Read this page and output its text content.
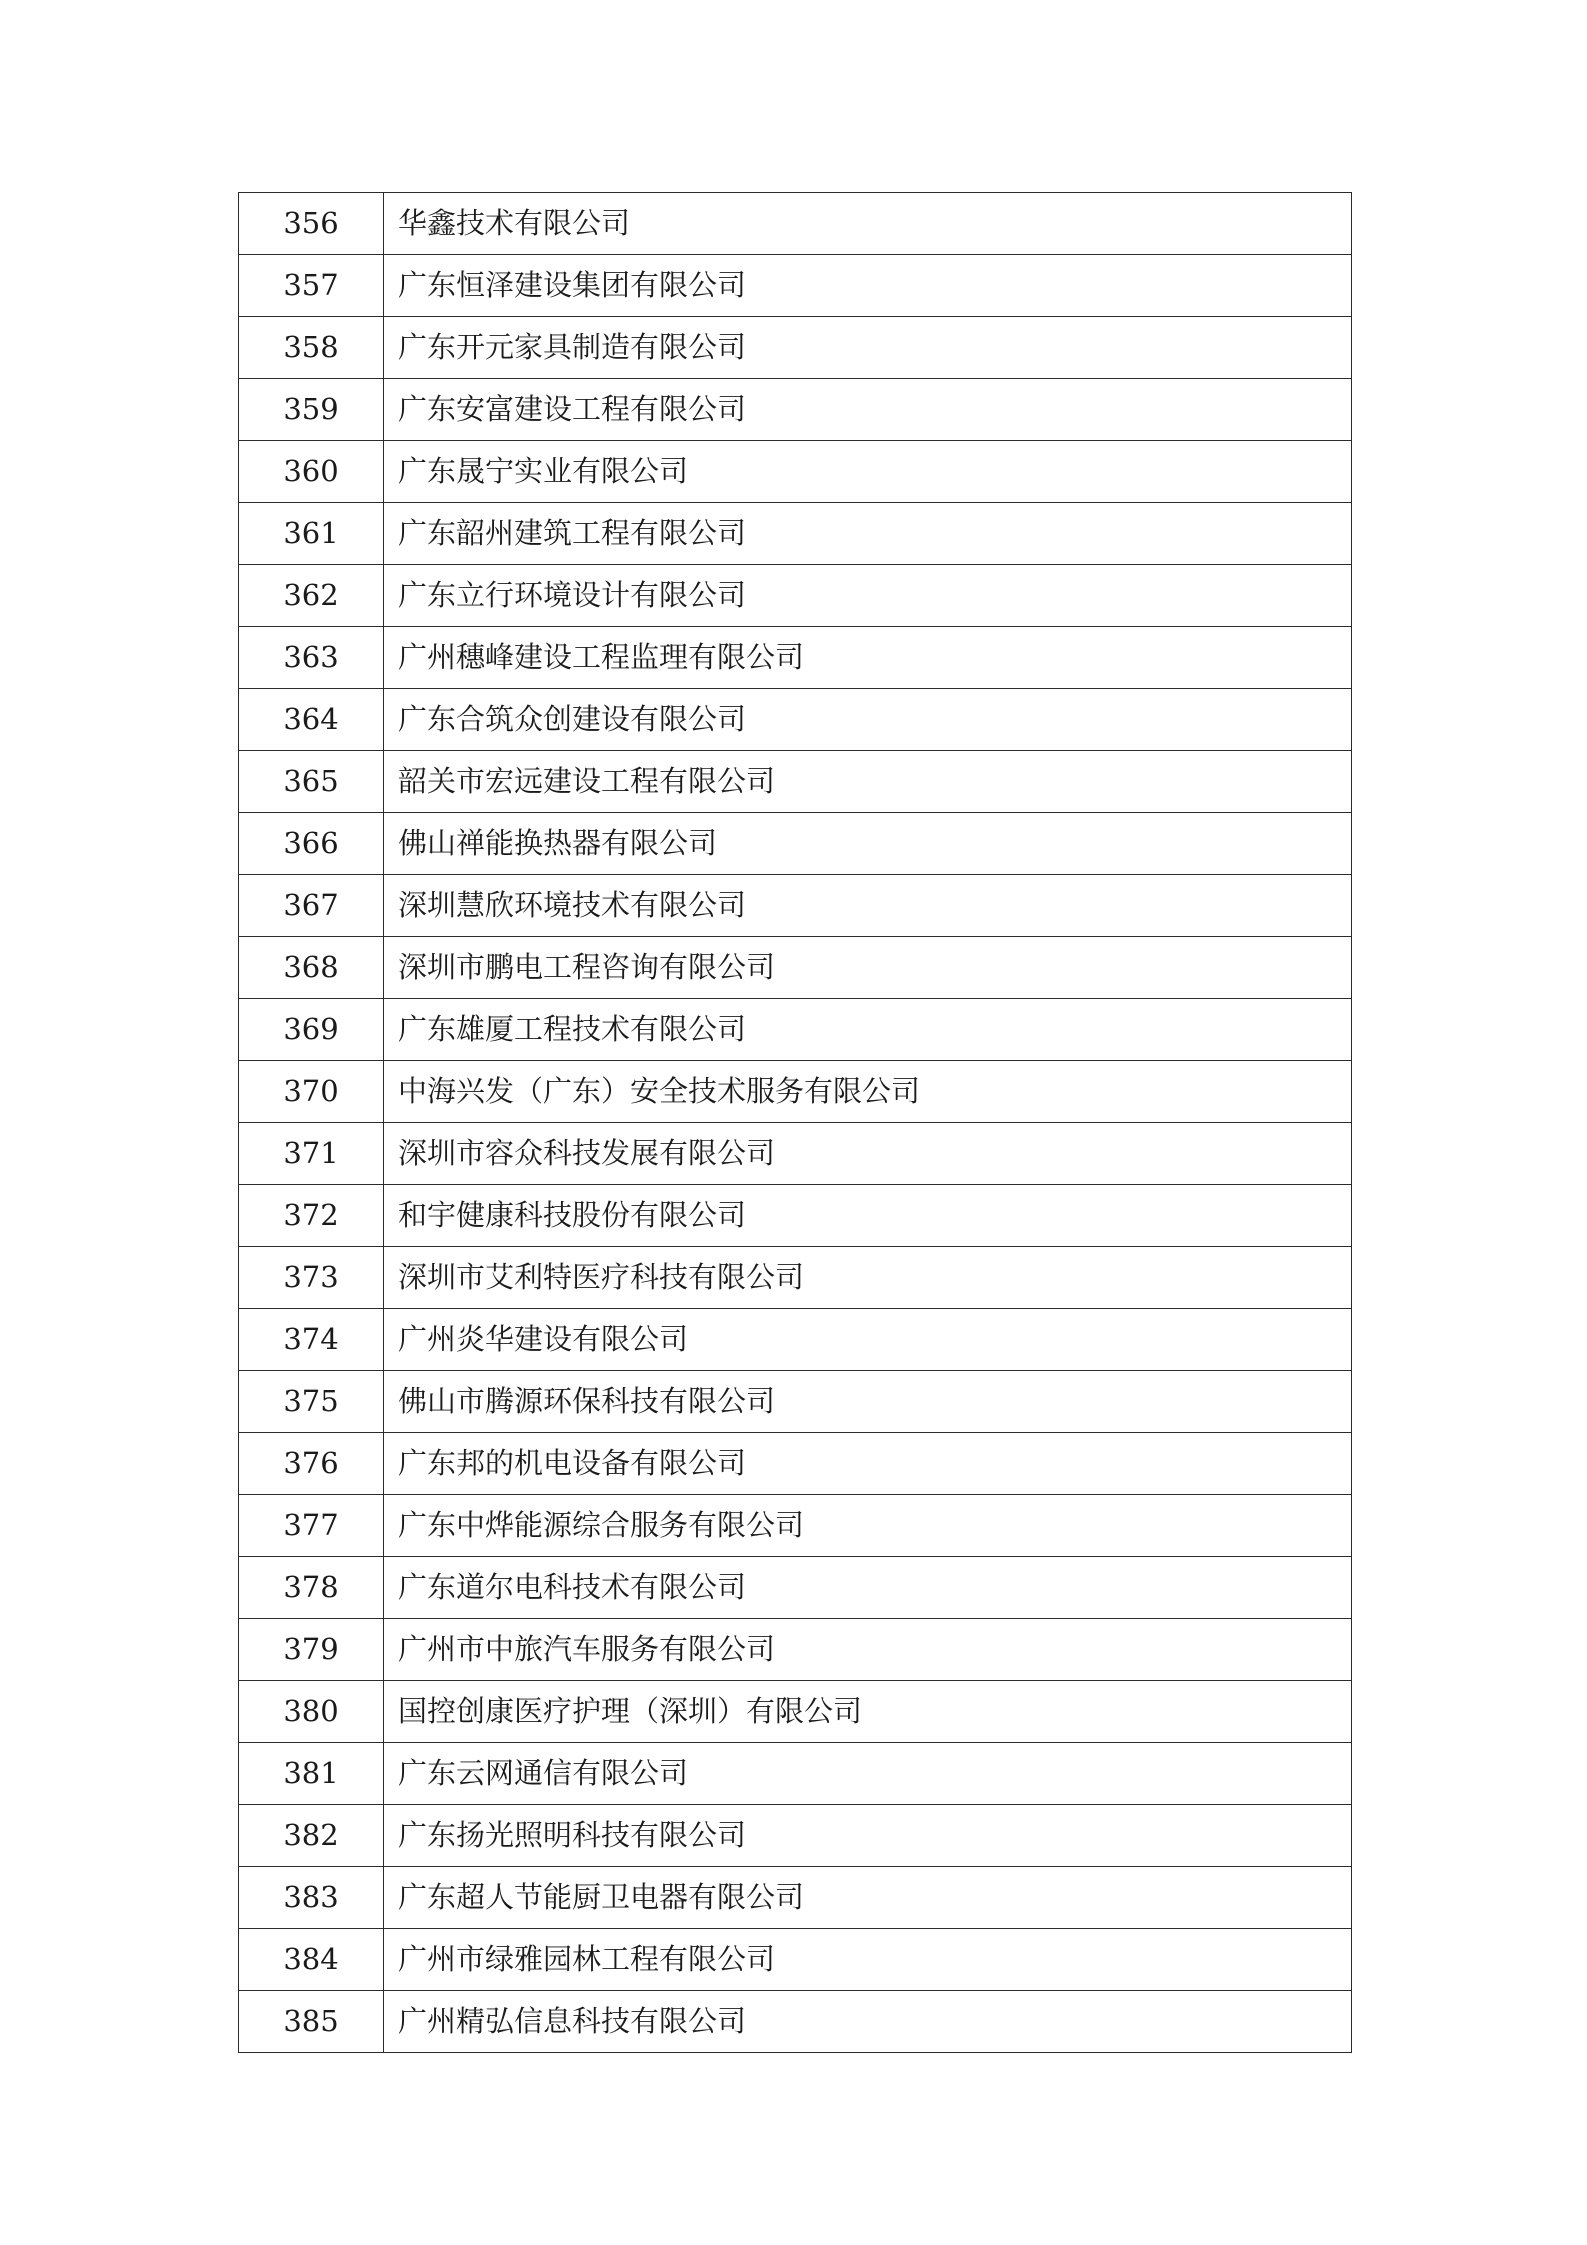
356	华鑫技术有限公司
357	广东恒泽建设集团有限公司
358	广东开元家具制造有限公司
359	广东安富建设工程有限公司
360	广东晟宁实业有限公司
361	广东韶州建筑工程有限公司
362	广东立行环境设计有限公司
363	广州穗峰建设工程监理有限公司
364	广东合筑众创建设有限公司
365	韶关市宏远建设工程有限公司
366	佛山禅能换热器有限公司
367	深圳慧欣环境技术有限公司
368	深圳市鹏电工程咨询有限公司
369	广东雄厦工程技术有限公司
370	中海兴发（广东）安全技术服务有限公司
371	深圳市容众科技发展有限公司
372	和宇健康科技股份有限公司
373	深圳市艾利特医疗科技有限公司
374	广州炎华建设有限公司
375	佛山市腾源环保科技有限公司
376	广东邦的机电设备有限公司
377	广东中烨能源综合服务有限公司
378	广东道尔电科技术有限公司
379	广州市中旅汽车服务有限公司
380	国控创康医疗护理（深圳）有限公司
381	广东云网通信有限公司
382	广东扬光照明科技有限公司
383	广东超人节能厨卫电器有限公司
384	广州市绿雅园林工程有限公司
385	广州精弘信息科技有限公司
